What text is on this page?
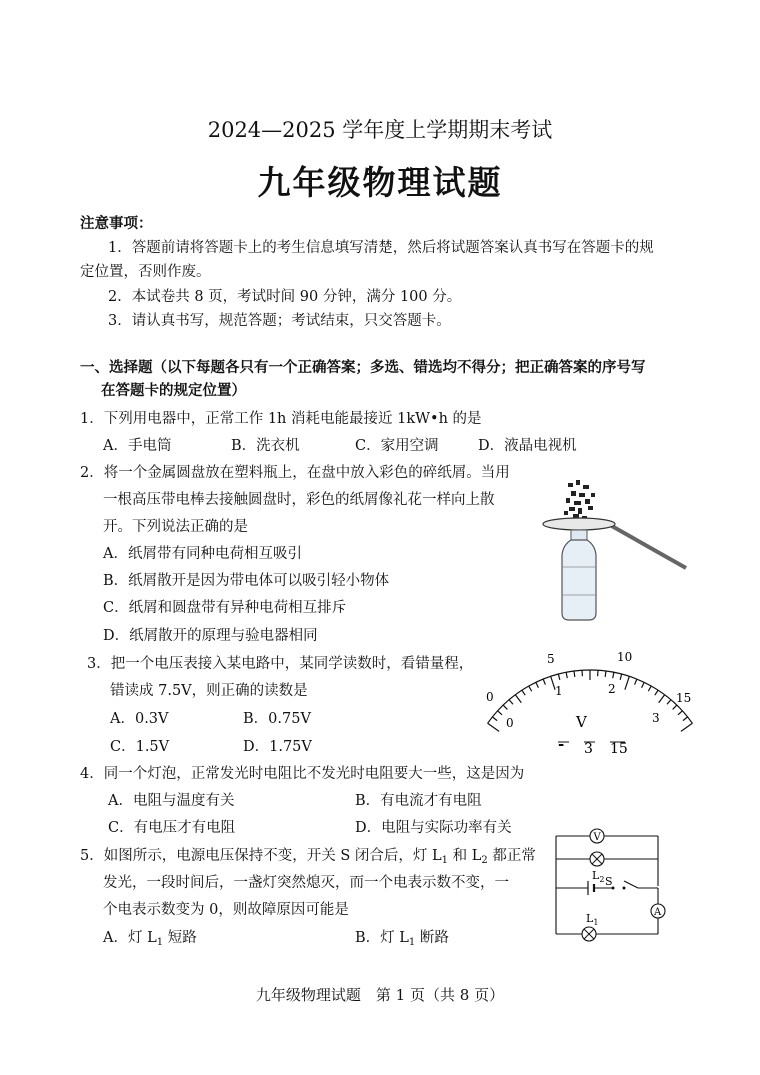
2024—2025 学年度上学期期末考试
九年级物理试题
注意事项：
1．答题前请将答题卡上的考生信息填写清楚，然后将试题答案认真书写在答题卡的规
定位置，否则作废。
2．本试卷共 8 页，考试时间 90 分钟，满分 100 分。
3．请认真书写，规范答题；考试结束，只交答题卡。
一、选择题（以下每题各只有一个正确答案；多选、错选均不得分；把正确答案的序号写
在答题卡的规定位置）
1．下列用电器中，正常工作 1h 消耗电能最接近 1kW•h 的是
A．手电筒	B．洗衣机	C．家用空调	D．液晶电视机
2．将一个金属圆盘放在塑料瓶上，在盘中放入彩色的碎纸屑。当用
一根高压带电棒去接触圆盘时，彩色的纸屑像礼花一样向上散
开。下列说法正确的是
A．纸屑带有同种电荷相互吸引
B．纸屑散开是因为带电体可以吸引轻小物体
C．纸屑和圆盘带有异种电荷相互排斥
D．纸屑散开的原理与验电器相同
3．把一个电压表接入某电路中，某同学读数时，看错量程，
错读成 7.5V，则正确的读数是
A．0.3V	B．0.75V
C．1.5V	D．1.75V
0
5	10
15
0
1	2
3
V
- 3 15
4．同一个灯泡，正常发光时电阻比不发光时电阻要大一些，这是因为
A．电阻与温度有关	B．有电流才有电阻
C．有电压才有电阻	D．电阻与实际功率有关
5．如图所示，电源电压保持不变，开关 S 闭合后，灯 $L_1$ 和 $L_2$ 都正常
发光，一段时间后，一盏灯突然熄灭，而一个电表示数不变，一
个电表示数变为 0，则故障原因可能是
A．灯 $L_1$ 短路	B．灯 $L_1$ 断路
V
$L_2$ S
A
$L_1$
九年级物理试题　第 1 页（共 8 页）
